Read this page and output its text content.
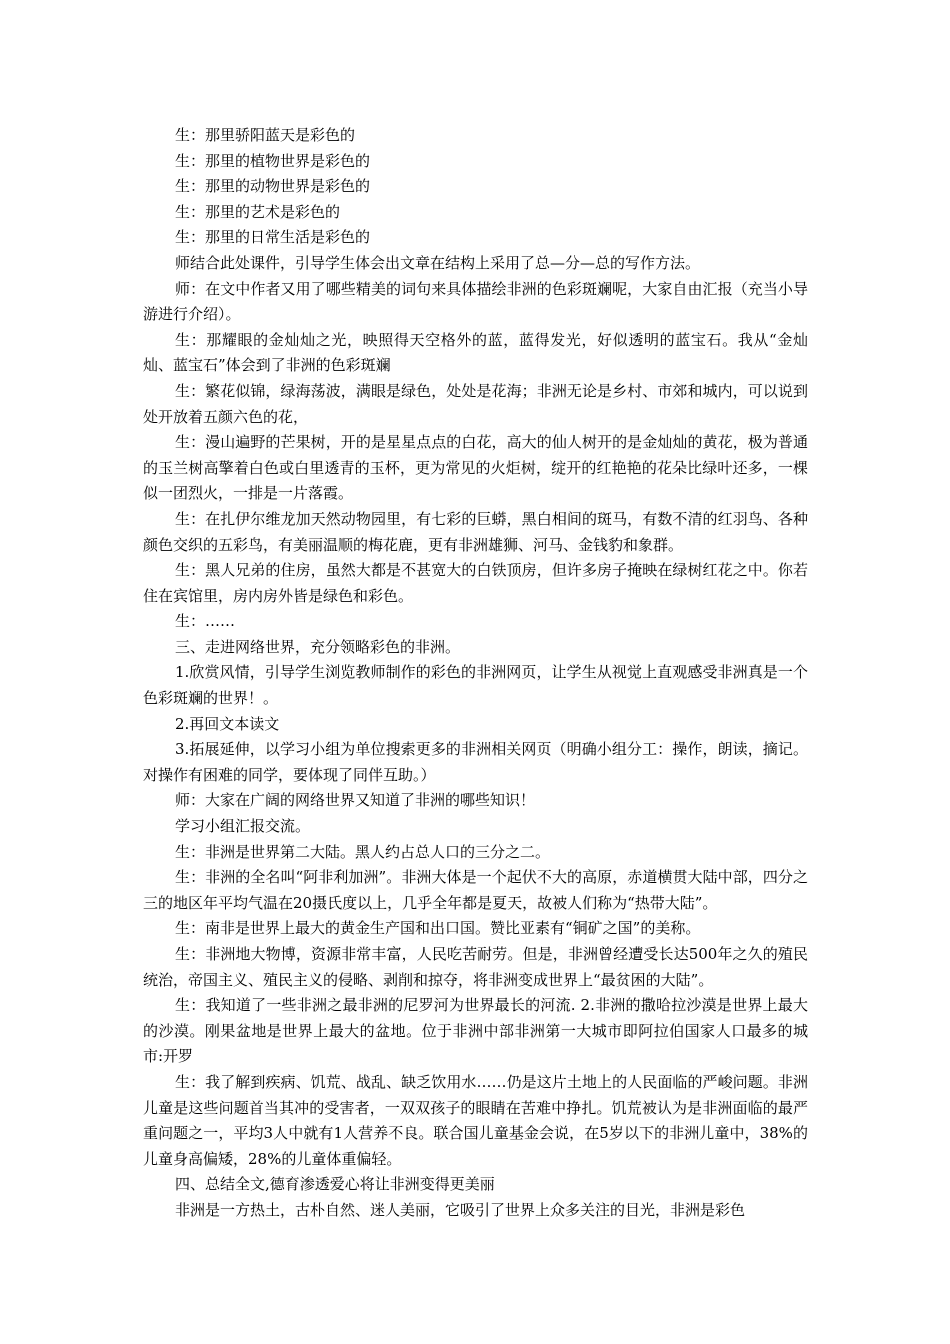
生：那里骄阳蓝天是彩色的

生：那里的植物世界是彩色的

生：那里的动物世界是彩色的

生：那里的艺术是彩色的

生：那里的日常生活是彩色的

师结合此处课件，引导学生体会出文章在结构上采用了总—分—总的写作方法。

师：在文中作者又用了哪些精美的词句来具体描绘非洲的色彩斑斓呢，大家自由汇报（充当小导游进行介绍）。

生：那耀眼的金灿灿之光，映照得天空格外的蓝，蓝得发光，好似透明的蓝宝石。我从“金灿灿、蓝宝石”体会到了非洲的色彩斑斓

生：繁花似锦，绿海荡波，满眼是绿色，处处是花海；非洲无论是乡村、市郊和城内，可以说到处开放着五颜六色的花，

生：漫山遍野的芒果树，开的是星星点点的白花，高大的仙人树开的是金灿灿的黄花，极为普通的玉兰树高擎着白色或白里透青的玉杯，更为常见的火炬树，绽开的红艳艳的花朵比绿叶还多，一棵似一团烈火，一排是一片落霞。

生：在扎伊尔维龙加天然动物园里，有七彩的巨蟒，黑白相间的斑马，有数不清的红羽鸟、各种颜色交织的五彩鸟，有美丽温顺的梅花鹿，更有非洲雄狮、河马、金钱豹和象群。

生：黑人兄弟的住房，虽然大都是不甚宽大的白铁顶房，但许多房子掩映在绿树红花之中。你若住在宾馆里，房内房外皆是绿色和彩色。

生：……

三、走进网络世界，充分领略彩色的非洲。

1.欣赏风情，引导学生浏览教师制作的彩色的非洲网页，让学生从视觉上直观感受非洲真是一个色彩斑斓的世界！。

2.再回文本读文

3.拓展延伸，以学习小组为单位搜索更多的非洲相关网页（明确小组分工：操作，朗读，摘记。对操作有困难的同学，要体现了同伴互助。）

师：大家在广阔的网络世界又知道了非洲的哪些知识！

学习小组汇报交流。

生：非洲是世界第二大陆。黑人约占总人口的三分之二。

生：非洲的全名叫“阿非利加洲”。非洲大体是一个起伏不大的高原，赤道横贯大陆中部，四分之三的地区年平均气温在20摄氏度以上，几乎全年都是夏天，故被人们称为“热带大陆”。

生：南非是世界上最大的黄金生产国和出口国。赞比亚素有“铜矿之国”的美称。

生：非洲地大物博，资源非常丰富，人民吃苦耐劳。但是，非洲曾经遭受长达500年之久的殖民统治，帝国主义、殖民主义的侵略、剥削和掠夺，将非洲变成世界上“最贫困的大陆”。

生：我知道了一些非洲之最非洲的尼罗河为世界最长的河流. 2.非洲的撒哈拉沙漠是世界上最大的沙漠。刚果盆地是世界上最大的盆地。位于非洲中部非洲第一大城市即阿拉伯国家人口最多的城市:开罗

生：我了解到疾病、饥荒、战乱、缺乏饮用水……仍是这片土地上的人民面临的严峻问题。非洲儿童是这些问题首当其冲的受害者，一双双孩子的眼睛在苦难中挣扎。饥荒被认为是非洲面临的最严重问题之一，平均3人中就有1人营养不良。联合国儿童基金会说，在5岁以下的非洲儿童中，38%的儿童身高偏矮，28%的儿童体重偏轻。

四、总结全文,德育渗透爱心将让非洲变得更美丽

非洲是一方热土，古朴自然、迷人美丽，它吸引了世界上众多关注的目光，非洲是彩色
